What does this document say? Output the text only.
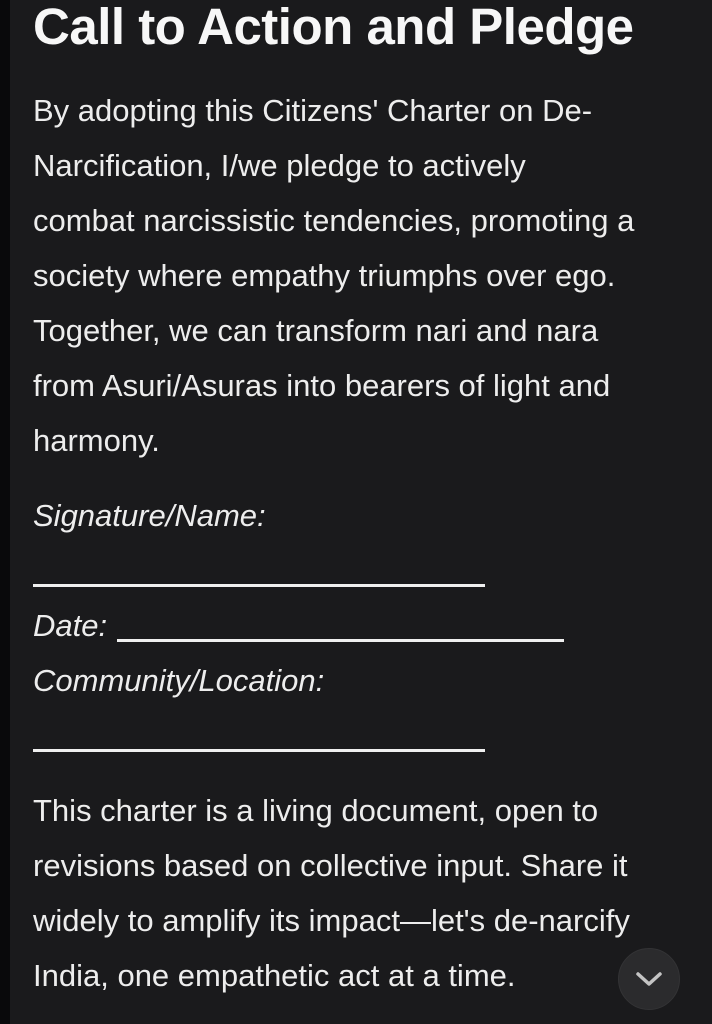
Call to Action and Pledge
By adopting this Citizens' Charter on De-
Narcification, I/we pledge to actively
combat narcissistic tendencies, promoting a
society where empathy triumphs over ego.
Together, we can transform nari and nara
from Asuri/Asuras into bearers of light and
harmony.
Signature/Name:
Date:
Community/Location:
This charter is a living document, open to
revisions based on collective input. Share it
widely to amplify its impact—let's de-narcify
India, one empathetic act at a time.
